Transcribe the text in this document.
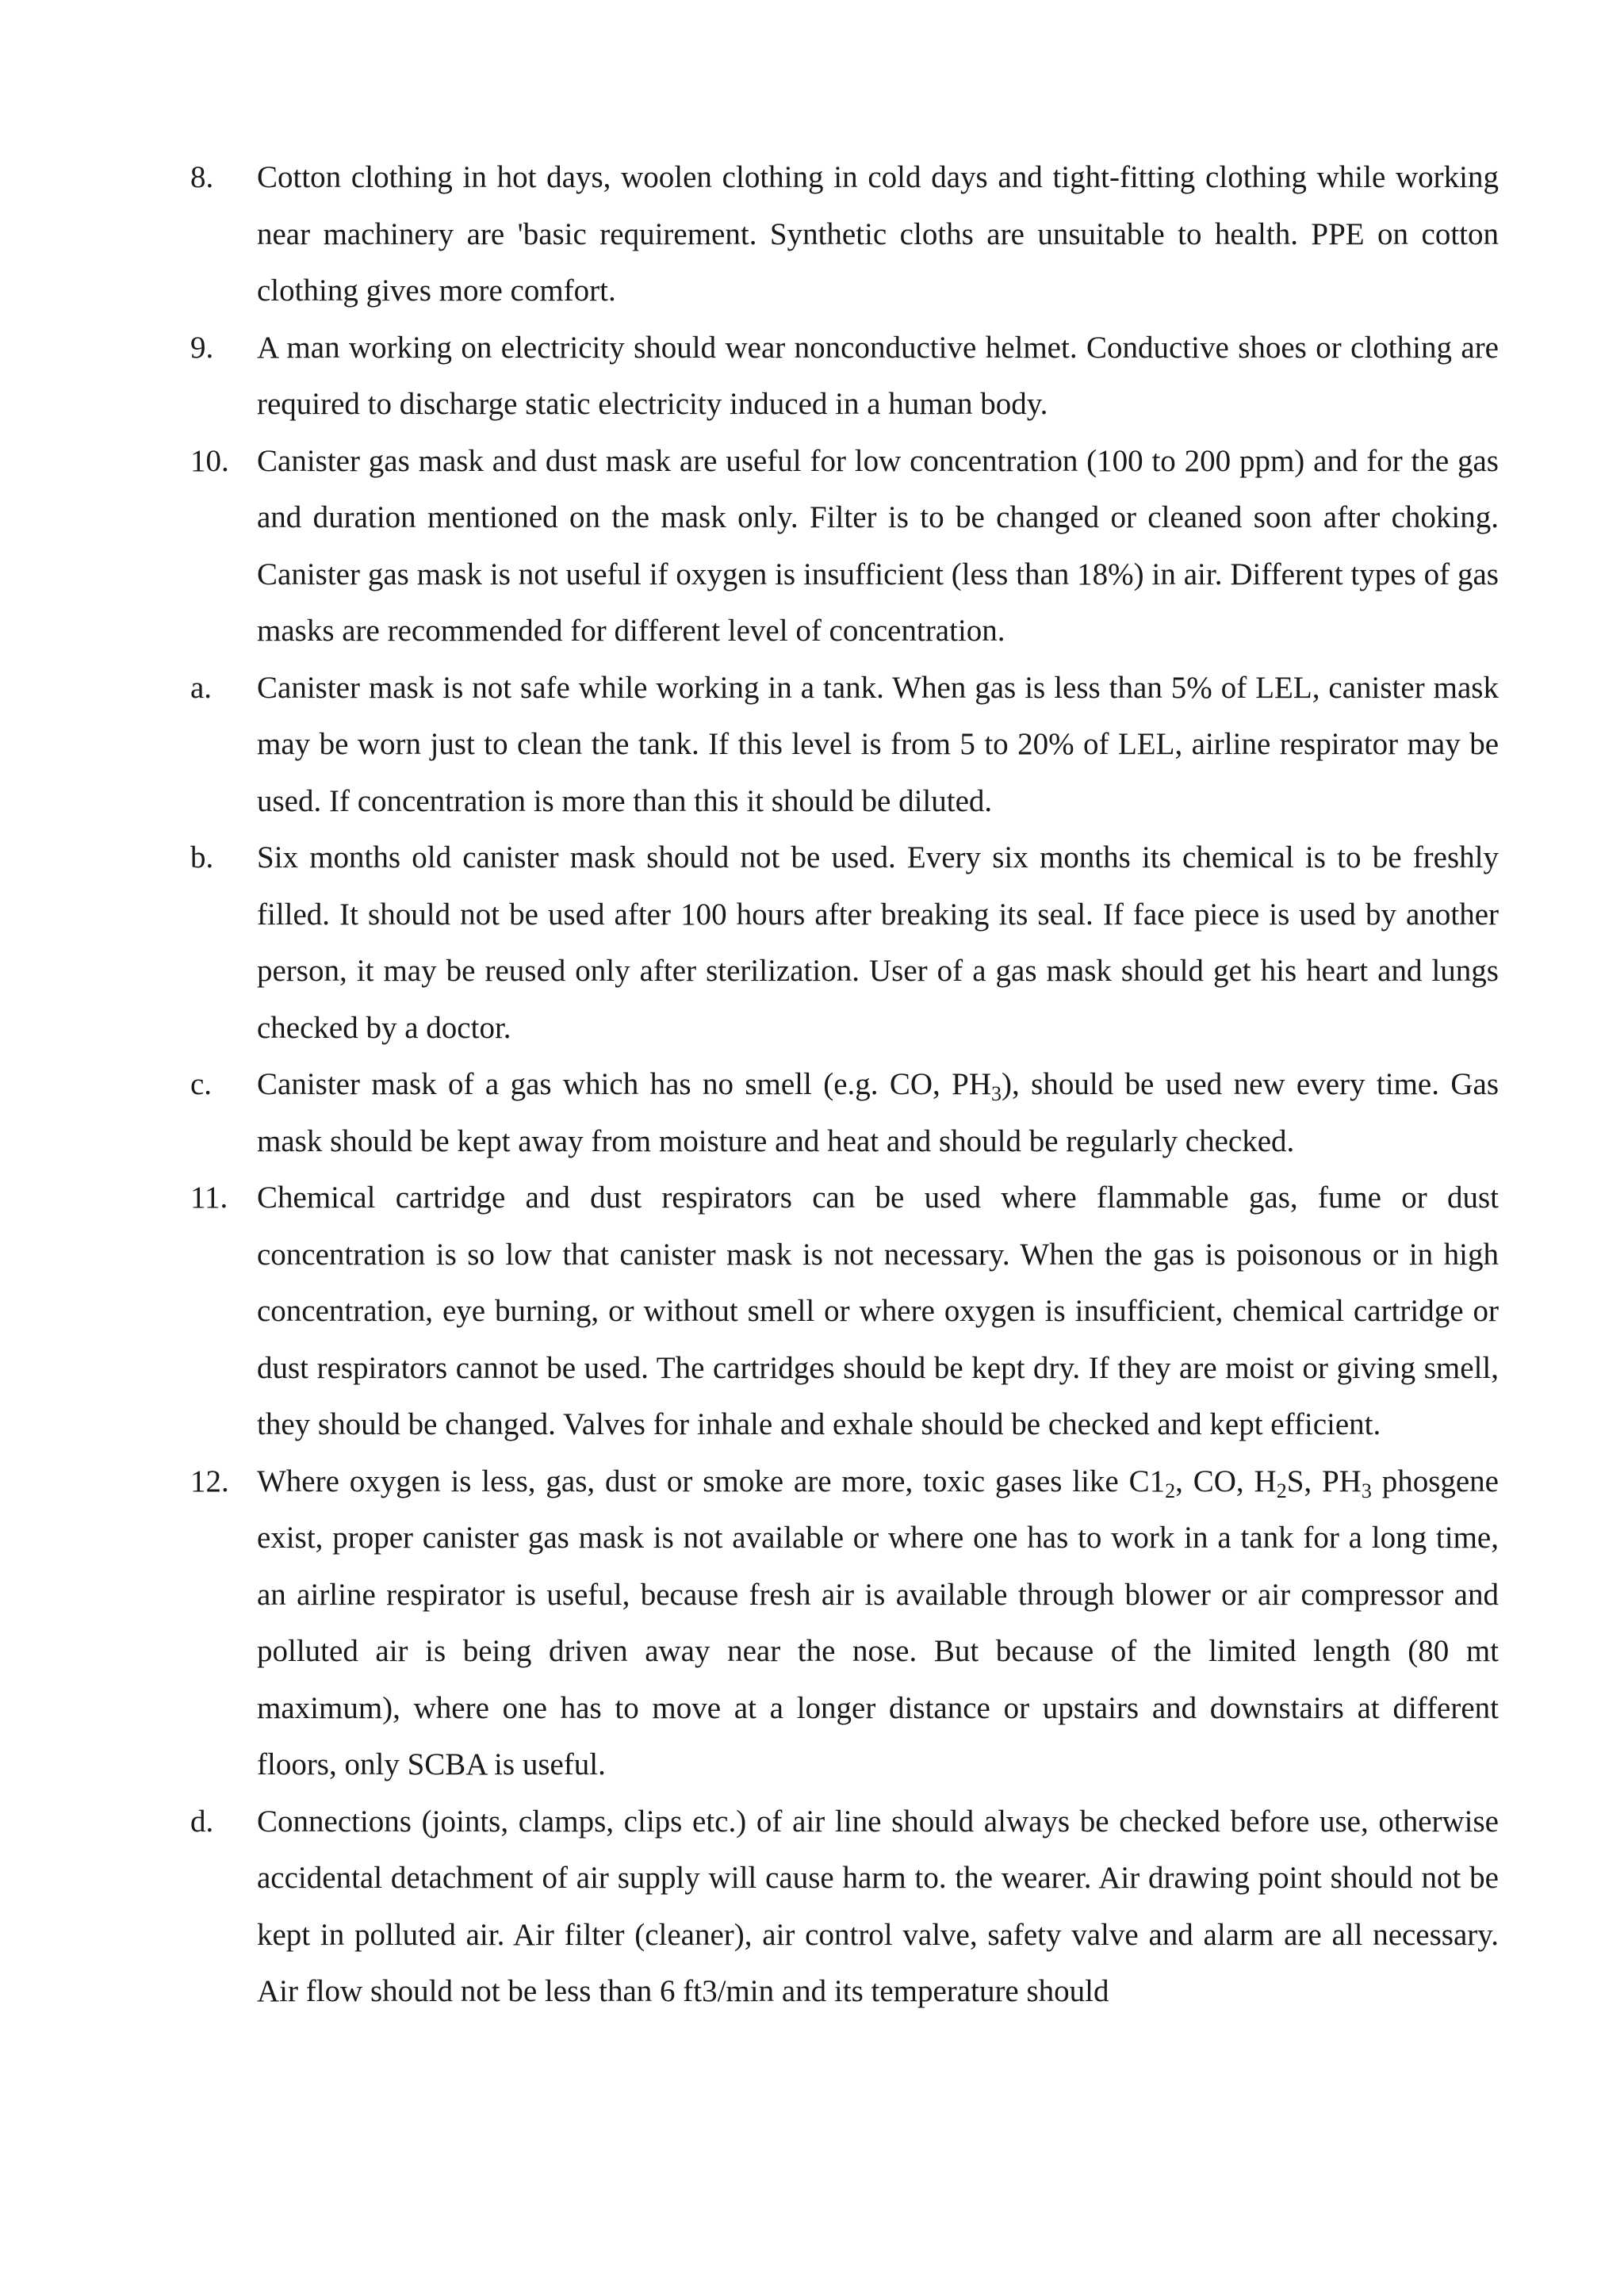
8.	Cotton clothing in hot days, woolen clothing in cold days and tight-fitting clothing while working near machinery are 'basic requirement. Synthetic cloths are unsuitable to health. PPE on cotton clothing gives more comfort.

9.	A man working on electricity should wear nonconductive helmet. Conductive shoes or clothing are required to discharge static electricity induced in a human body.

10. Canister gas mask and dust mask are useful for low concentration (100 to 200 ppm) and for the gas and duration mentioned on the mask only. Filter is to be changed or cleaned soon after choking. Canister gas mask is not useful if oxygen is insufficient (less than 18%) in air. Different types of gas masks are recommended for different level of concentration.

a.	Canister mask is not safe while working in a tank. When gas is less than 5% of LEL, canister mask may be worn just to clean the tank. If this level is from 5 to 20% of LEL, airline respirator may be used. If concentration is more than this it should be diluted.

b.	Six months old canister mask should not be used. Every six months its chemical is to be freshly filled. It should not be used after 100 hours after breaking its seal. If face piece is used by another person, it may be reused only after sterilization. User of a gas mask should get his heart and lungs checked by a doctor.

c.	Canister mask of a gas which has no smell (e.g. CO, $PH_3$), should be used new every time. Gas mask should be kept away from moisture and heat and should be regularly checked.

11. Chemical cartridge and dust respirators can be used where flammable gas, fume or dust concentration is so low that canister mask is not necessary. When the gas is poisonous or in high concentration, eye burning, or without smell or where oxygen is insufficient, chemical cartridge or dust respirators cannot be used. The cartridges should be kept dry. If they are moist or giving smell, they should be changed. Valves for inhale and exhale should be checked and kept efficient.

12. Where oxygen is less, gas, dust or smoke are more, toxic gases like $C1_2$, CO, $H_2S$, $PH_3$ phosgene exist, proper canister gas mask is not available or where one has to work in a tank for a long time, an airline respirator is useful, because fresh air is available through blower or air compressor and polluted air is being driven away near the nose. But because of the limited length (80 mt maximum), where one has to move at a longer distance or upstairs and downstairs at different floors, only SCBA is useful.

d.	Connections (joints, clamps, clips etc.) of air line should always be checked before use, otherwise accidental detachment of air supply will cause harm to. the wearer. Air drawing point should not be kept in polluted air. Air filter (cleaner), air control valve, safety valve and alarm are all necessary. Air flow should not be less than 6 ft3/min and its temperature should
